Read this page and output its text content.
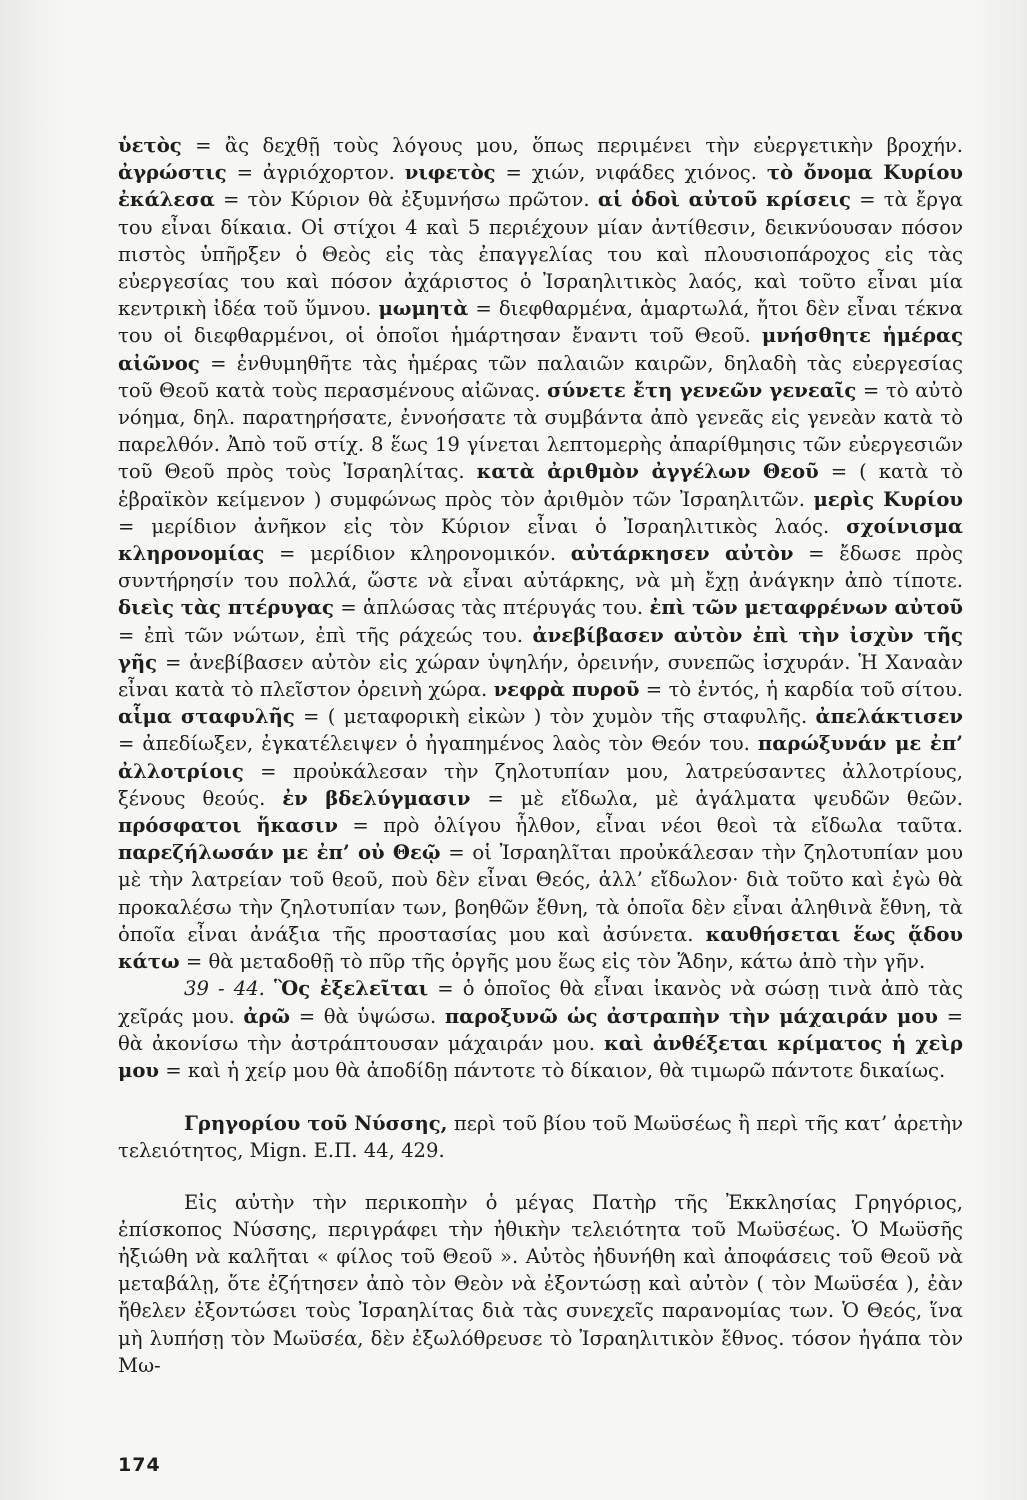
ὑετὸς = ἂς δεχθῇ τοὺς λόγους μου, ὅπως περιμένει τὴν εὐεργετικὴν βροχήν. ἀγρώστις = ἀγριόχορτον. νιφετὸς = χιών, νιφάδες χιόνος. τὸ ὄνομα Κυρίου ἐκάλεσα = τὸν Κύριον θὰ ἐξυμνήσω πρῶτον. αἱ ὁδοὶ αὐτοῦ κρίσεις = τὰ ἔργα του εἶναι δίκαια. Οἱ στίχοι 4 καὶ 5 περιέχουν μίαν ἀντίθεσιν, δεικνύουσαν πόσον πιστὸς ὑπῆρξεν ὁ Θεὸς εἰς τὰς ἐπαγγελίας του καὶ πλουσιοπάροχος εἰς τὰς εὐεργεσίας του καὶ πόσον ἀχάριστος ὁ Ἰσραηλιτικὸς λαός, καὶ τοῦτο εἶναι μία κεντρικὴ ἰδέα τοῦ ὕμνου. μωμητὰ = διεφθαρμένα, ἁμαρτωλά, ἤτοι δὲν εἶναι τέκνα του οἱ διεφθαρμένοι, οἱ ὁποῖοι ἡμάρτησαν ἔναντι τοῦ Θεοῦ. μνήσθητε ἡμέρας αἰῶνος = ἐνθυμηθῆτε τὰς ἡμέρας τῶν παλαιῶν καιρῶν, δηλαδὴ τὰς εὐεργεσίας τοῦ Θεοῦ κατὰ τοὺς περασμένους αἰῶνας. σύνετε ἔτη γενεῶν γενεαῖς = τὸ αὐτὸ νόημα, δηλ. παρατηρήσατε, ἐννοήσατε τὰ συμβάντα ἀπὸ γενεᾶς εἰς γενεὰν κατὰ τὸ παρελθόν. Ἀπὸ τοῦ στίχ. 8 ἕως 19 γίνεται λεπτομερὴς ἀπαρίθμησις τῶν εὐεργεσιῶν τοῦ Θεοῦ πρὸς τοὺς Ἰσραηλίτας. κατὰ ἀριθμὸν ἀγγέλων Θεοῦ = ( κατὰ τὸ ἑβραϊκὸν κείμενον ) συμφώνως πρὸς τὸν ἀριθμὸν τῶν Ἰσραηλιτῶν. μερὶς Κυρίου = μερίδιον ἀνῆκον εἰς τὸν Κύριον εἶναι ὁ Ἰσραηλιτικὸς λαός. σχοίνισμα κληρονομίας = μερίδιον κληρονομικόν. αὐτάρκησεν αὐτὸν = ἔδωσε πρὸς συντήρησίν του πολλά, ὥστε νὰ εἶναι αὐτάρκης, νὰ μὴ ἔχῃ ἀνάγκην ἀπὸ τίποτε. διεὶς τὰς πτέρυγας = ἁπλώσας τὰς πτέρυγάς του. ἐπὶ τῶν μεταφρένων αὐτοῦ = ἐπὶ τῶν νώτων, ἐπὶ τῆς ράχεώς του. ἀνεβίβασεν αὐτὸν ἐπὶ τὴν ἰσχὺν τῆς γῆς = ἀνεβίβασεν αὐτὸν εἰς χώραν ὑψηλήν, ὀρεινήν, συνεπῶς ἰσχυράν. Ἡ Χαναὰν εἶναι κατὰ τὸ πλεῖστον ὀρεινὴ χώρα. νεφρὰ πυροῦ = τὸ ἐντός, ἡ καρδία τοῦ σίτου. αἷμα σταφυλῆς = ( μεταφορικὴ εἰκὼν ) τὸν χυμὸν τῆς σταφυλῆς. ἀπελάκτισεν = ἀπεδίωξεν, ἐγκατέλειψεν ὁ ἠγαπημένος λαὸς τὸν Θεόν του. παρώξυνάν με ἐπ’ ἀλλοτρίοις = προὐκάλεσαν τὴν ζηλοτυπίαν μου, λατρεύσαντες ἀλλοτρίους, ξένους θεούς. ἐν βδελύγμασιν = μὲ εἴδωλα, μὲ ἀγάλματα ψευδῶν θεῶν. πρόσφατοι ἥκασιν = πρὸ ὀλίγου ἦλθον, εἶναι νέοι θεοὶ τὰ εἴδωλα ταῦτα. παρεζήλωσάν με ἐπ’ οὐ Θεῷ = οἱ Ἰσραηλῖται προὐκάλεσαν τὴν ζηλοτυπίαν μου μὲ τὴν λατρείαν τοῦ θεοῦ, ποὺ δὲν εἶναι Θεός, ἀλλ’ εἴδωλον· διὰ τοῦτο καὶ ἐγὼ θὰ προκαλέσω τὴν ζηλοτυπίαν των, βοηθῶν ἔθνη, τὰ ὁποῖα δὲν εἶναι ἀληθινὰ ἔθνη, τὰ ὁποῖα εἶναι ἀνάξια τῆς προστασίας μου καὶ ἀσύνετα. καυθήσεται ἕως ᾅδου κάτω = θὰ μεταδοθῇ τὸ πῦρ τῆς ὀργῆς μου ἕως εἰς τὸν Ἅδην, κάτω ἀπὸ τὴν γῆν.

39 - 44. Ὃς ἐξελεῖται = ὁ ὁποῖος θὰ εἶναι ἱκανὸς νὰ σώσῃ τινὰ ἀπὸ τὰς χεῖράς μου. ἀρῶ = θὰ ὑψώσω. παροξυνῶ ὡς ἀστραπὴν τὴν μάχαιράν μου = θὰ ἀκονίσω τὴν ἀστράπτουσαν μάχαιράν μου. καὶ ἀνθέξεται κρίματος ἡ χεὶρ μου = καὶ ἡ χείρ μου θὰ ἀποδίδῃ πάντοτε τὸ δίκαιον, θὰ τιμωρῶ πάντοτε δικαίως.

Γρηγορίου τοῦ Νύσσης, περὶ τοῦ βίου τοῦ Μωϋσέως ἢ περὶ τῆς κατ’ ἀρετὴν τελειότητος, Mign. Ε.Π. 44, 429.

Εἰς αὐτὴν τὴν περικοπὴν ὁ μέγας Πατὴρ τῆς Ἐκκλησίας Γρηγόριος, ἐπίσκοπος Νύσσης, περιγράφει τὴν ἠθικὴν τελειότητα τοῦ Μωϋσέως. Ὁ Μωϋσῆς ἠξιώθη νὰ καλῆται « φίλος τοῦ Θεοῦ ». Αὐτὸς ἠδυνήθη καὶ ἀποφάσεις τοῦ Θεοῦ νὰ μεταβάλῃ, ὅτε ἐζήτησεν ἀπὸ τὸν Θεὸν νὰ ἐξοντώσῃ καὶ αὐτὸν ( τὸν Μωϋσέα ), ἐὰν ἤθελεν ἐξοντώσει τοὺς Ἰσραηλίτας διὰ τὰς συνεχεῖς παρανομίας των. Ὁ Θεός, ἵνα μὴ λυπήσῃ τὸν Μωϋσέα, δὲν ἐξωλόθρευσε τὸ Ἰσραηλιτικὸν ἔθνος. τόσον ἠγάπα τὸν Μω-

174
